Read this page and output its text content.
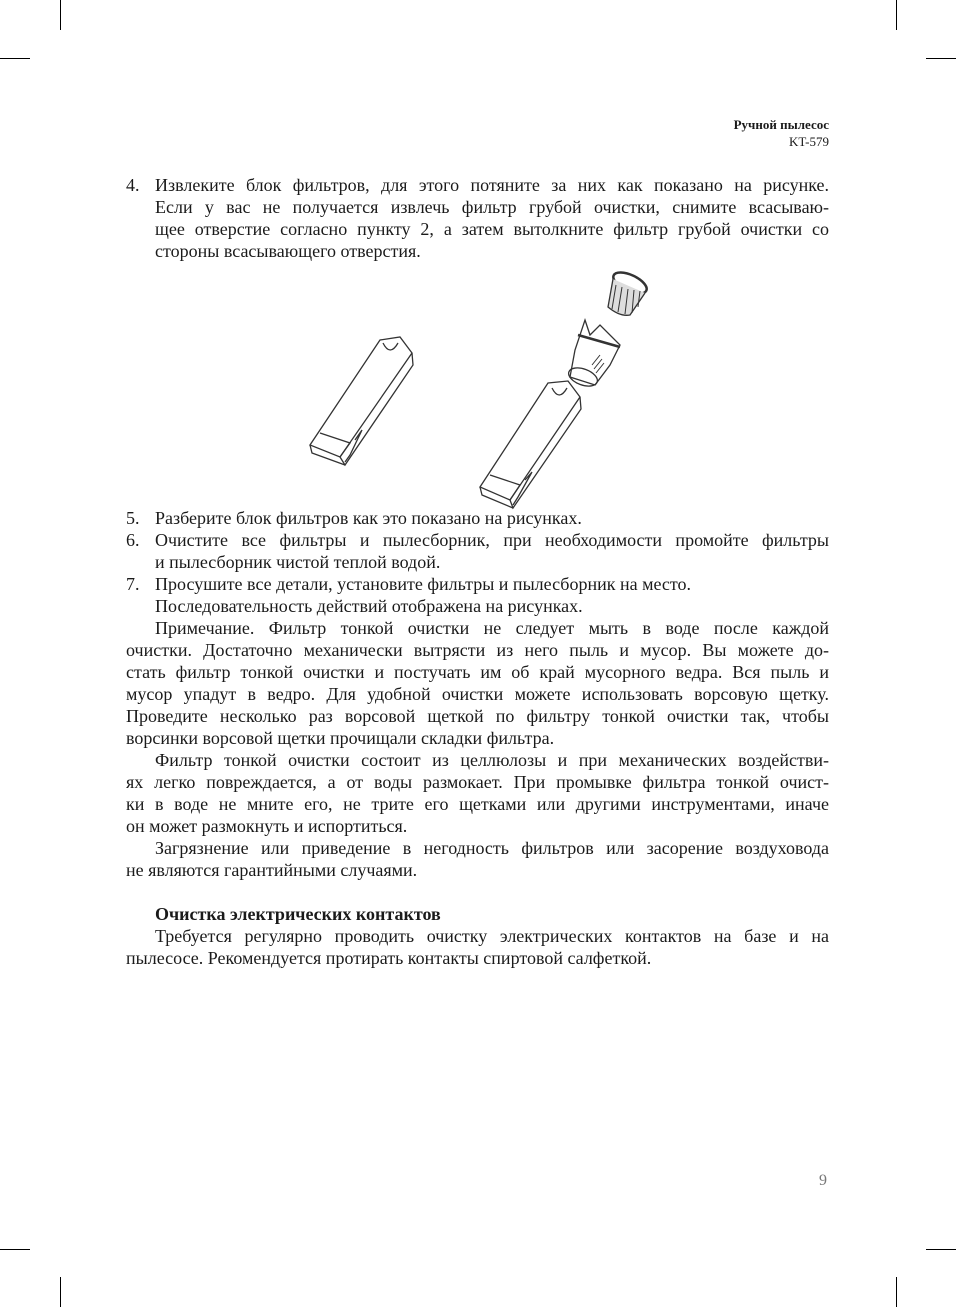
Ручной пылесос
KT-579
4. Извлеките блок фильтров, для этого потяните за них как показано на рисунке.
Если у вас не получается извлечь фильтр грубой очистки, снимите всасываю-
щее отверстие согласно пункту 2, а затем вытолкните фильтр грубой очистки со
стороны всасывающего отверстия.
5. Разберите блок фильтров как это показано на рисунках.
6. Очистите все фильтры и пылесборник, при необходимости промойте фильтры
и пылесборник чистой теплой водой.
7. Просушите все детали, установите фильтры и пылесборник на место.
Последовательность действий отображена на рисунках.
Примечание. Фильтр тонкой очистки не следует мыть в воде после каждой
очистки. Достаточно механически вытрясти из него пыль и мусор. Вы можете до-
стать фильтр тонкой очистки и постучать им об край мусорного ведра. Вся пыль и
мусор упадут в ведро. Для удобной очистки можете использовать ворсовую щетку.
Проведите несколько раз ворсовой щеткой по фильтру тонкой очистки так, чтобы
ворсинки ворсовой щетки прочищали складки фильтра.
Фильтр тонкой очистки состоит из целлюлозы и при механических воздействи-
ях легко повреждается, а от воды размокает. При промывке фильтра тонкой очист-
ки в воде не мните его, не трите его щетками или другими инструментами, иначе
он может размокнуть и испортиться.
Загрязнение или приведение в негодность фильтров или засорение воздуховода
не являются гарантийными случаями.
Очистка электрических контактов
Требуется регулярно проводить очистку электрических контактов на базе и на
пылесосе. Рекомендуется протирать контакты спиртовой салфеткой.
9
